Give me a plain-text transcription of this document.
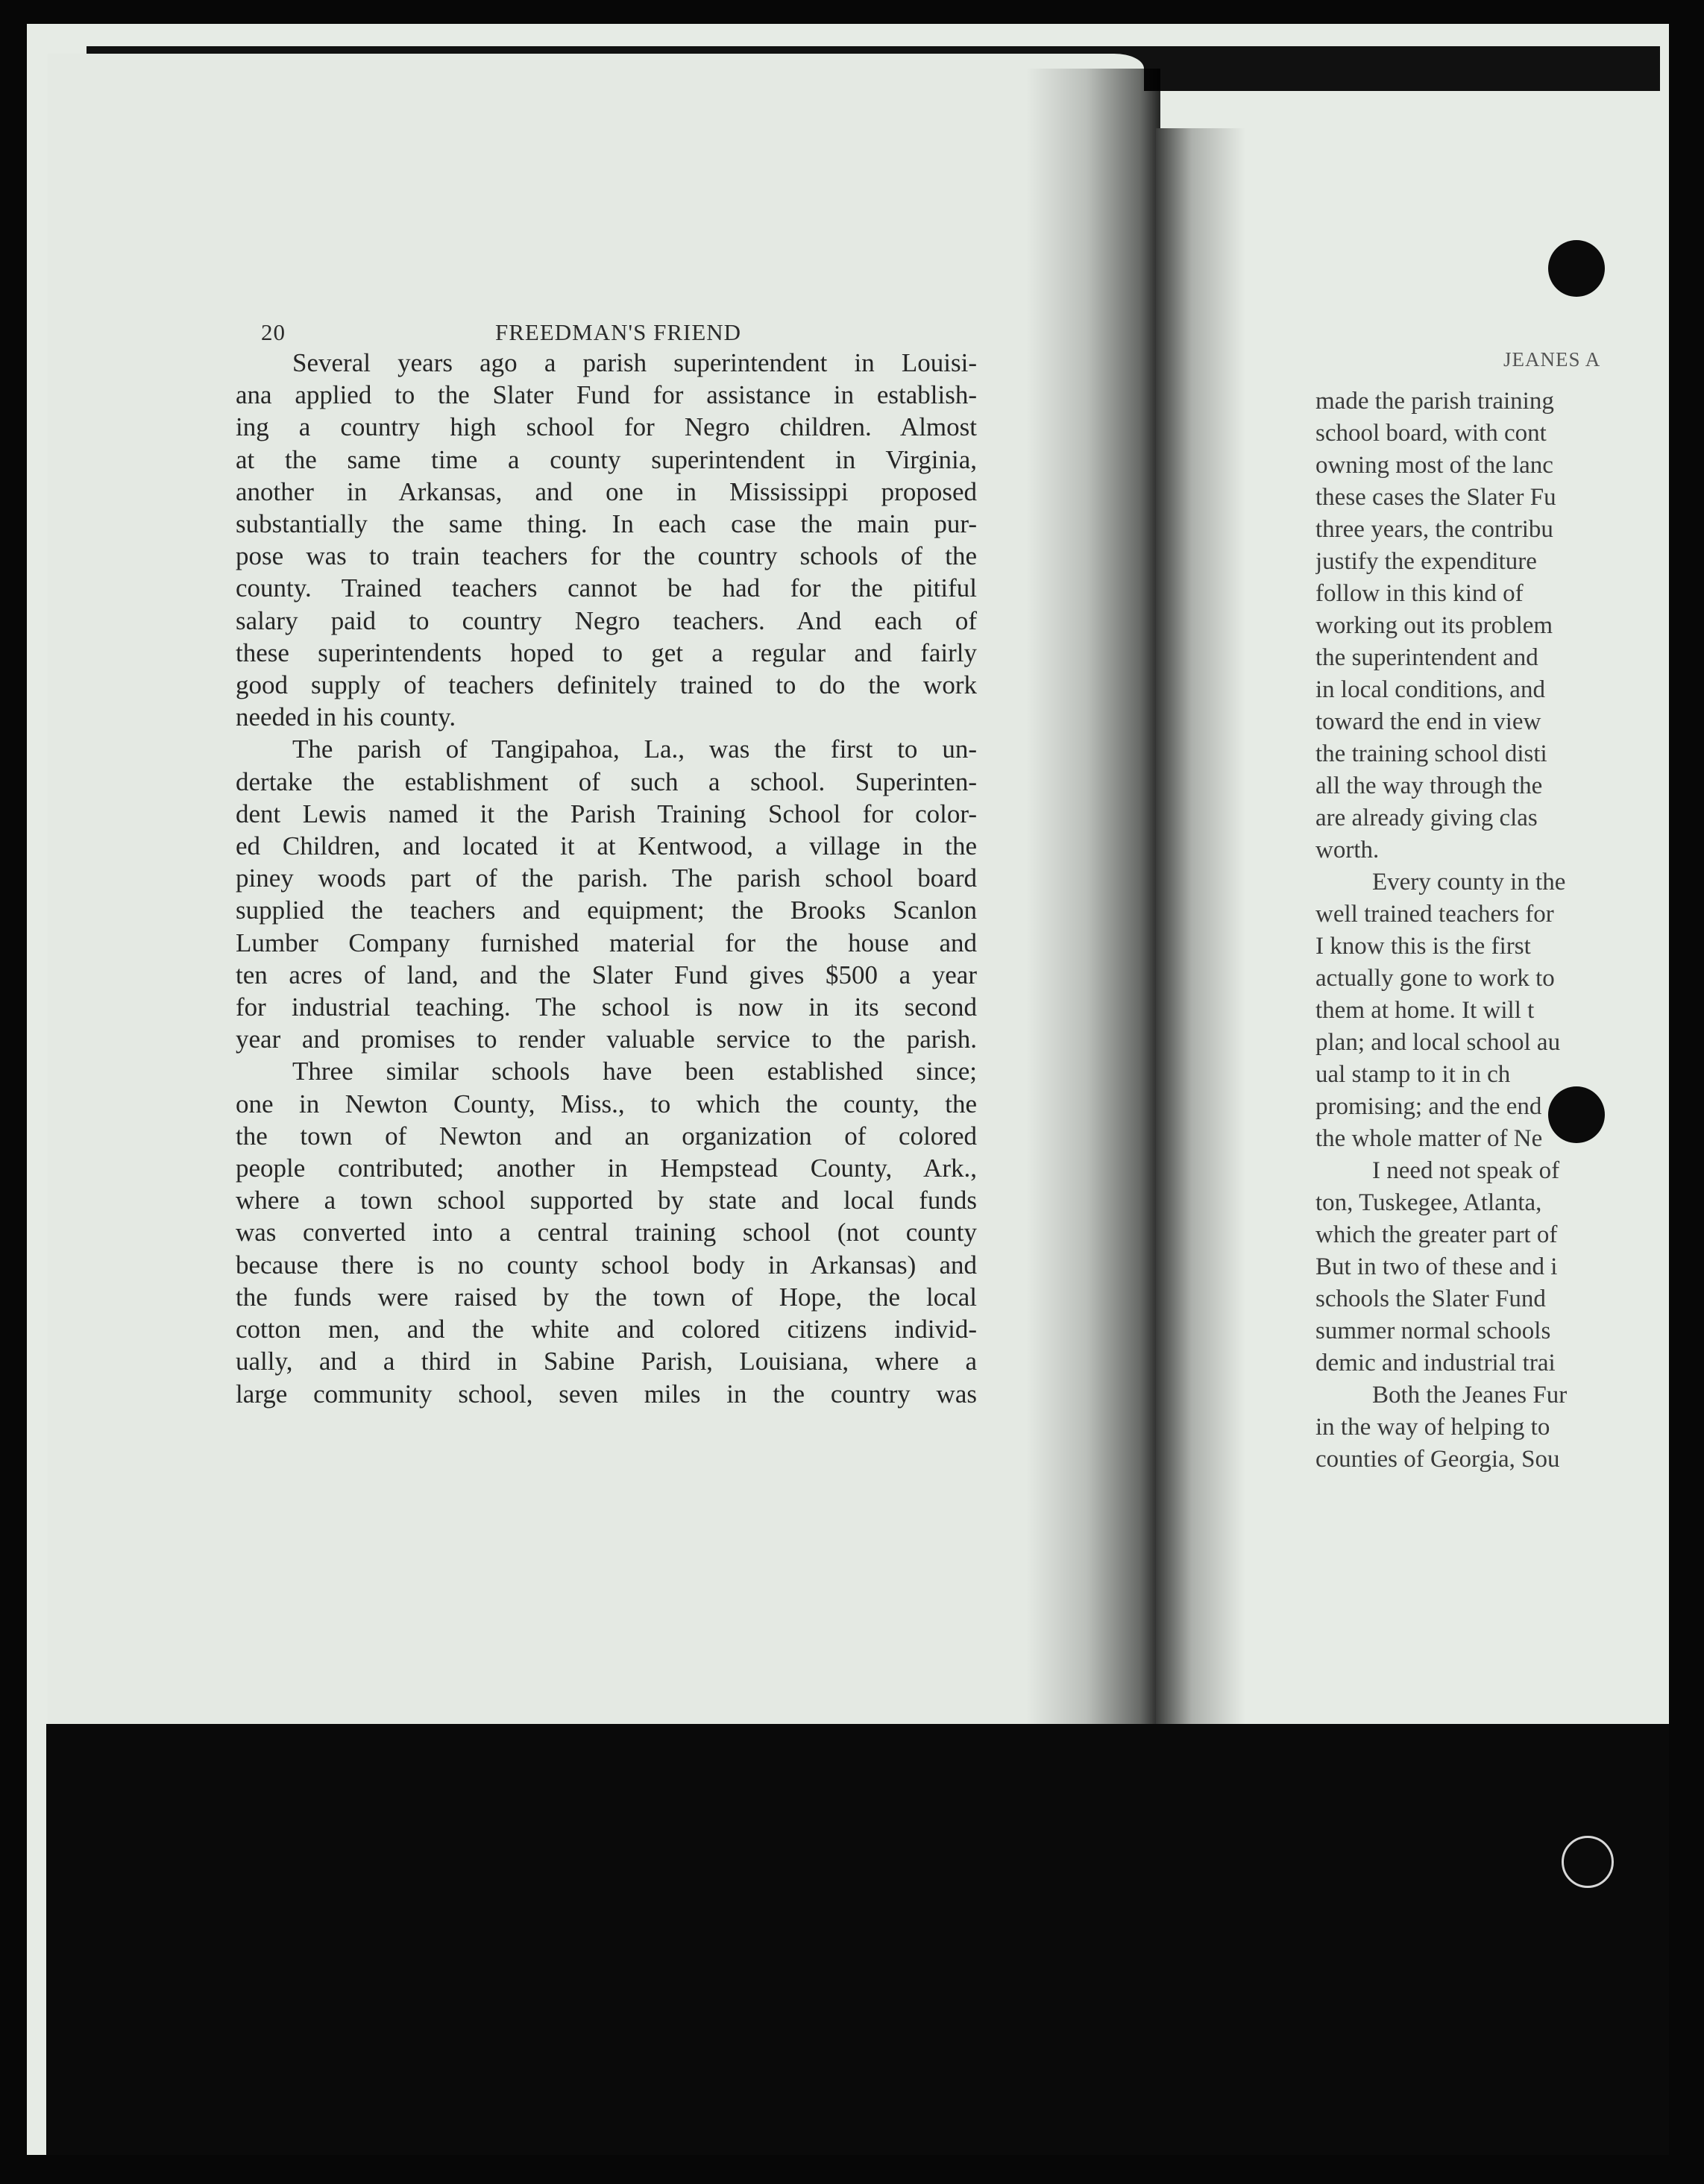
20	FREEDMAN'S FRIEND
JEANES A
Several years ago a parish superintendent in Louisi-
ana applied to the Slater Fund for assistance in establish-
ing a country high school for Negro children. Almost
at the same time a county superintendent in Virginia,
another in Arkansas, and one in Mississippi proposed
substantially the same thing. In each case the main pur-
pose was to train teachers for the country schools of the
county. Trained teachers cannot be had for the pitiful
salary paid to country Negro teachers. And each of
these superintendents hoped to get a regular and fairly
good supply of teachers definitely trained to do the work
needed in his county.
The parish of Tangipahoa, La., was the first to un-
dertake the establishment of such a school. Superinten-
dent Lewis named it the Parish Training School for color-
ed Children, and located it at Kentwood, a village in the
piney woods part of the parish. The parish school board
supplied the teachers and equipment; the Brooks Scanlon
Lumber Company furnished material for the house and
ten acres of land, and the Slater Fund gives $500 a year
for industrial teaching. The school is now in its second
year and promises to render valuable service to the parish.
Three similar schools have been established since;
one in Newton County, Miss., to which the county, the
the town of Newton and an organization of colored
people contributed; another in Hempstead County, Ark.,
where a town school supported by state and local funds
was converted into a central training school (not county
because there is no county school body in Arkansas) and
the funds were raised by the town of Hope, the local
cotton men, and the white and colored citizens individ-
ually, and a third in Sabine Parish, Louisiana, where a
large community school, seven miles in the country was
made the parish training
school board, with cont
owning most of the lanc
these cases the Slater Fu
three years, the contribu
justify the expenditure
follow in this kind of
working out its problem
the superintendent and
in local conditions, and
toward the end in view
the training school disti
all the way through the
are already giving clas
worth.
Every county in the
well trained teachers for
I know this is the first
actually gone to work to
them at home. It will t
plan; and local school au
ual stamp to it in ch
promising; and the end
the whole matter of Ne
I need not speak of
ton, Tuskegee, Atlanta,
which the greater part of
But in two of these and i
schools the Slater Fund
summer normal schools
demic and industrial trai
Both the Jeanes Fur
in the way of helping to
counties of Georgia, Sou
